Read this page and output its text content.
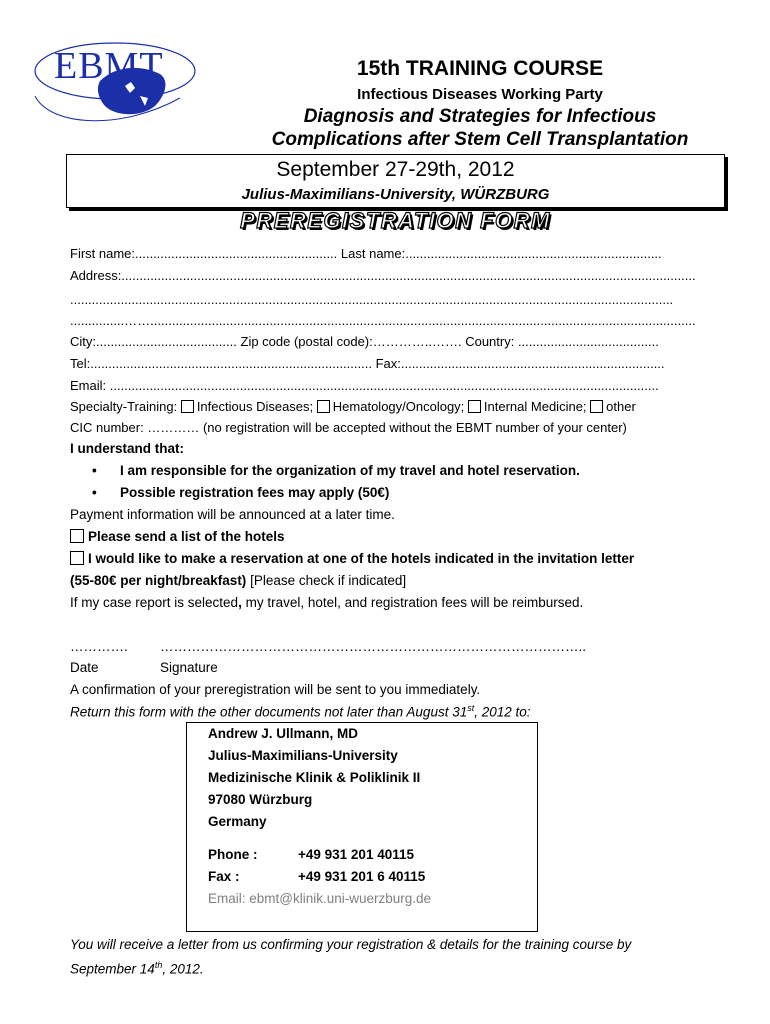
EBMT	15th TRAINING COURSE
Infectious Diseases Working Party
Diagnosis and Strategies for Infectious
Complications after Stem Cell Transplantation
September 27-29th, 2012
Julius-Maximilians-University, WÜRZBURG
PREREGISTRATION FORM
First name:........................................................ Last name:.......................................................................
Address:...............................................................................................................................................................
.......................................................................................................................................................................
...............…….......................................................................................................................................................
City:....................................... Zip code (postal code):…………..……. Country: .......................................
Tel:.............................................................................. Fax:.........................................................................
Email: ........................................................................................................................................................
Specialty-Training: Infectious Diseases; Hematology/Oncology; Internal Medicine; other
CIC number: ………… (no registration will be accepted without the EBMT number of your center)
I understand that:
• I am responsible for the organization of my travel and hotel reservation.
• Possible registration fees may apply (50€)
Payment information will be announced at a later time.
Please send a list of the hotels
I would like to make a reservation at one of the hotels indicated in the invitation letter
(55-80€ per night/breakfast) [Please check if indicated]
If my case report is selected, my travel, hotel, and registration fees will be reimbursed.
…………. …………………………………………………………………………………..
Date	Signature
A confirmation of your preregistration will be sent to you immediately.
Return this form with the other documents not later than August 31st, 2012 to:
Andrew J. Ullmann, MD
Julius-Maximilians-University
Medizinische Klinik & Poliklinik II
97080 Würzburg
Germany
Phone :	+49 931 201 40115
Fax :	+49 931 201 6 40115
Email: ebmt@klinik.uni-wuerzburg.de
You will receive a letter from us confirming your registration & details for the training course by
September 14th, 2012.
